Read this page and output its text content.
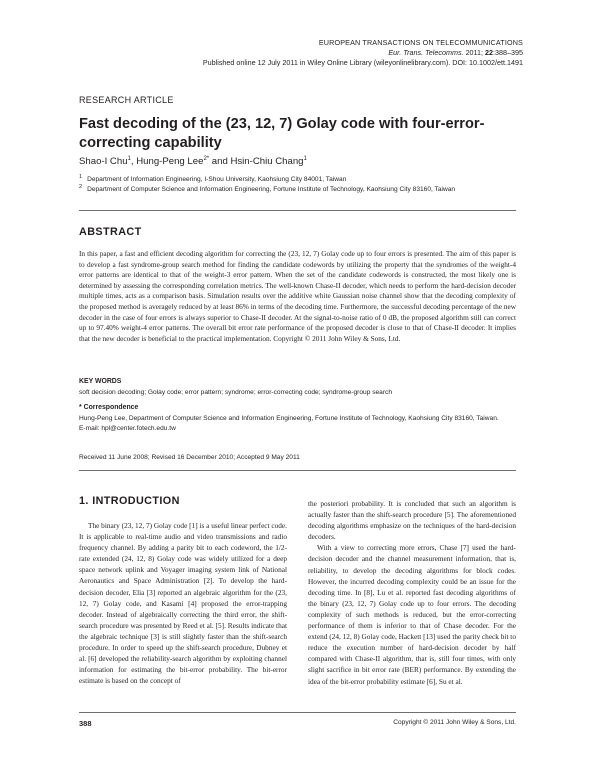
EUROPEAN TRANSACTIONS ON TELECOMMUNICATIONS
Eur. Trans. Telecomms. 2011; 22:388–395
Published online 12 July 2011 in Wiley Online Library (wileyonlinelibrary.com). DOI: 10.1002/ett.1491
RESEARCH ARTICLE
Fast decoding of the (23, 12, 7) Golay code with four-error-correcting capability
Shao-I Chu$^1$, Hung-Peng Lee$^{2*}$ and Hsin-Chiu Chang$^1$
$^1$ Department of Information Engineering, I-Shou University, Kaohsiung City 84001, Taiwan
$^2$ Department of Computer Science and Information Engineering, Fortune Institute of Technology, Kaohsiung City 83160, Taiwan
ABSTRACT
In this paper, a fast and efficient decoding algorithm for correcting the (23, 12, 7) Golay code up to four errors is presented. The aim of this paper is to develop a fast syndrome-group search method for finding the candidate codewords by utilizing the property that the syndromes of the weight-4 error patterns are identical to that of the weight-3 error pattern. When the set of the candidate codewords is constructed, the most likely one is determined by assessing the corresponding correlation metrics. The well-known Chase-II decoder, which needs to perform the hard-decision decoder multiple times, acts as a comparison basis. Simulation results over the additive white Gaussian noise channel show that the decoding complexity of the proposed method is averagely reduced by at least 86% in terms of the decoding time. Furthermore, the successful decoding percentage of the new decoder in the case of four errors is always superior to Chase-II decoder. At the signal-to-noise ratio of 0 dB, the proposed algorithm still can correct up to 97.40% weight-4 error patterns. The overall bit error rate performance of the proposed decoder is close to that of Chase-II decoder. It implies that the new decoder is beneficial to the practical implementation. Copyright © 2011 John Wiley & Sons, Ltd.
KEY WORDS
soft decision decoding; Golay code; error pattern; syndrome; error-correcting code; syndrome-group search
* Correspondence
Hung-Peng Lee, Department of Computer Science and Information Engineering, Fortune Institute of Technology, Kaohsiung City 83160, Taiwan.
E-mail: hpl@center.fotech.edu.tw
Received 11 June 2008; Revised 16 December 2010; Accepted 9 May 2011
1. INTRODUCTION

The binary (23, 12, 7) Golay code [1] is a useful linear perfect code. It is applicable to real-time audio and video transmissions and radio frequency channel. By adding a parity bit to each codeword, the 1/2-rate extended (24, 12, 8) Golay code was widely utilized for a deep space network uplink and Voyager imaging system link of National Aeronautics and Space Administration [2]. To develop the hard-decision decoder, Elia [3] reported an algebraic algorithm for the (23, 12, 7) Golay code, and Kasami [4] proposed the error-trapping decoder. Instead of algebraically correcting the third error, the shift-search procedure was presented by Reed et al. [5]. Results indicate that the algebraic technique [3] is still slightly faster than the shift-search procedure. In order to speed up the shift-search procedure, Dubney et al. [6] developed the reliability-search algorithm by exploiting channel information for estimating the bit-error probability. The bit-error estimate is based on the concept of

the posteriori probability. It is concluded that such an algorithm is actually faster than the shift-search procedure [5]. The aforementioned decoding algorithms emphasize on the techniques of the hard-decision decoders.

With a view to correcting more errors, Chase [7] used the hard-decision decoder and the channel measurement information, that is, reliability, to develop the decoding algorithms for block codes. However, the incurred decoding complexity could be an issue for the decoding time. In [8], Lu et al. reported fast decoding algorithms of the binary (23, 12, 7) Golay code up to four errors. The decoding complexity of such methods is reduced, but the error-correcting performance of them is inferior to that of Chase decoder. For the extend (24, 12, 8) Golay code, Hackett [13] used the parity check bit to reduce the execution number of hard-decision decoder by half compared with Chase-II algorithm, that is, still four times, with only slight sacrifice in bit error rate (BER) performance. By extending the idea of the bit-error probability estimate [6], Su et al.

388	Copyright © 2011 John Wiley & Sons, Ltd.
